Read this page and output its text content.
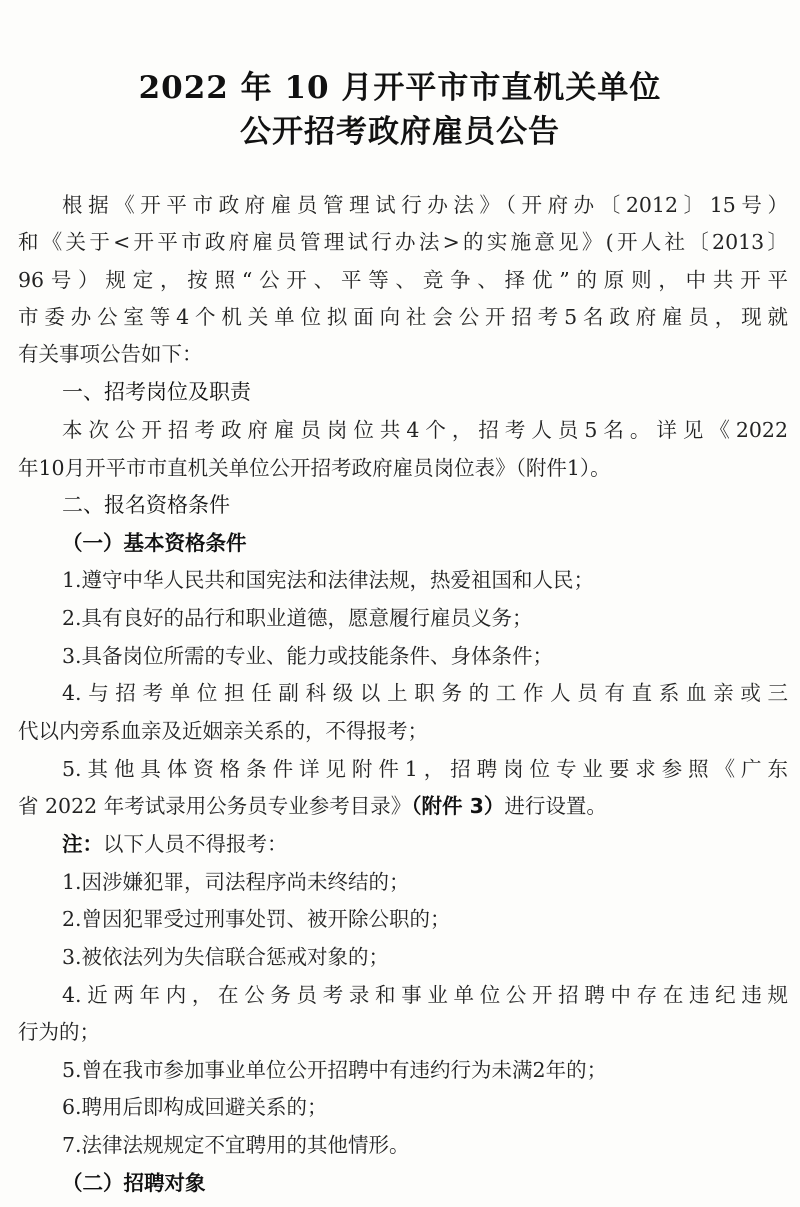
2022 年 10 月开平市市直机关单位
公开招考政府雇员公告
根据《开平市政府雇员管理试行办法》（开府办〔2012〕15号）
和《关于<开平市政府雇员管理试行办法>的实施意见》(开人社〔2013〕
96号）规定，按照“公开、平等、竞争、择优”的原则，中共开平
市委办公室等4个机关单位拟面向社会公开招考5名政府雇员，现就
有关事项公告如下：
一、招考岗位及职责
本次公开招考政府雇员岗位共4个，招考人员5名。详见《2022
年10月开平市市直机关单位公开招考政府雇员岗位表》（附件1）。
二、报名资格条件
（一）基本资格条件
1.遵守中华人民共和国宪法和法律法规，热爱祖国和人民；
2.具有良好的品行和职业道德，愿意履行雇员义务；
3.具备岗位所需的专业、能力或技能条件、身体条件；
4.与招考单位担任副科级以上职务的工作人员有直系血亲或三
代以内旁系血亲及近姻亲关系的，不得报考；
5.其他具体资格条件详见附件1，招聘岗位专业要求参照《广东
省 2022 年考试录用公务员专业参考目录》（附件 3）进行设置。
注：以下人员不得报考：
1.因涉嫌犯罪，司法程序尚未终结的；
2.曾因犯罪受过刑事处罚、被开除公职的；
3.被依法列为失信联合惩戒对象的；
4.近两年内，在公务员考录和事业单位公开招聘中存在违纪违规
行为的；
5.曾在我市参加事业单位公开招聘中有违约行为未满2年的；
6.聘用后即构成回避关系的；
7.法律法规规定不宜聘用的其他情形。
（二）招聘对象
